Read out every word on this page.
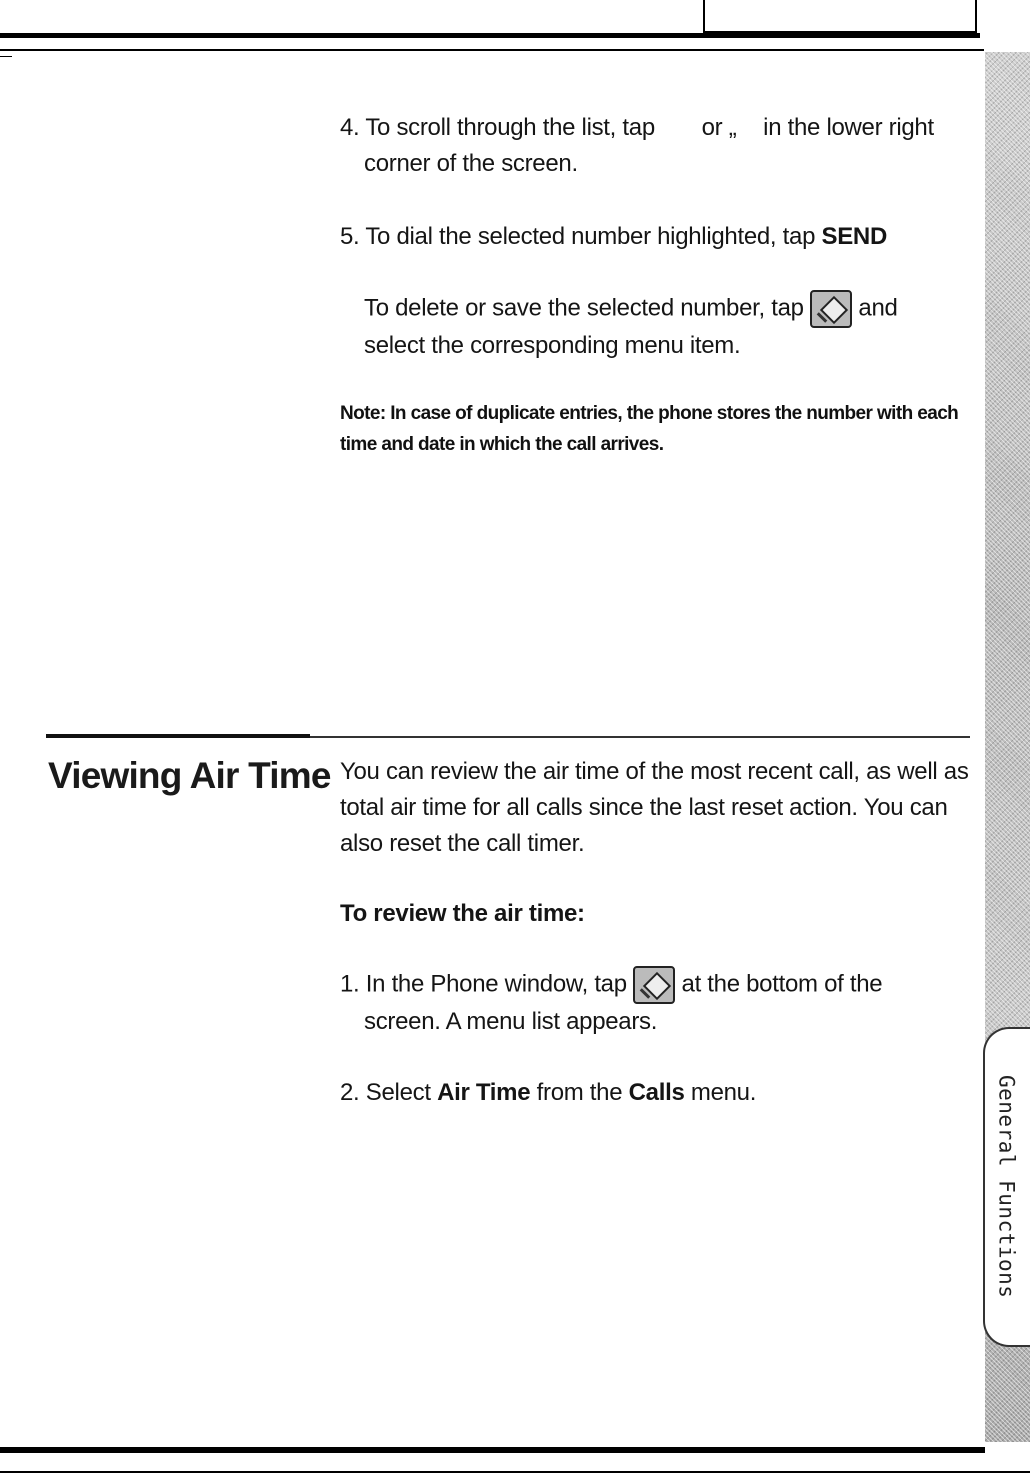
General Functions

4. To scroll through the list, tap  or „  in the lower right corner of the screen.

5. To dial the selected number highlighted, tap SEND

To delete or save the selected number, tap  and select the corresponding menu item.

Note: In case of duplicate entries, the phone stores the number with each time and date in which the call arrives.

Viewing Air Time You can review the air time of the most recent call, as well as total air time for all calls since the last reset action. You can also reset the call timer.

To review the air time:

1. In the Phone window, tap  at the bottom of the screen. A menu list appears.

2. Select Air Time from the Calls menu.
